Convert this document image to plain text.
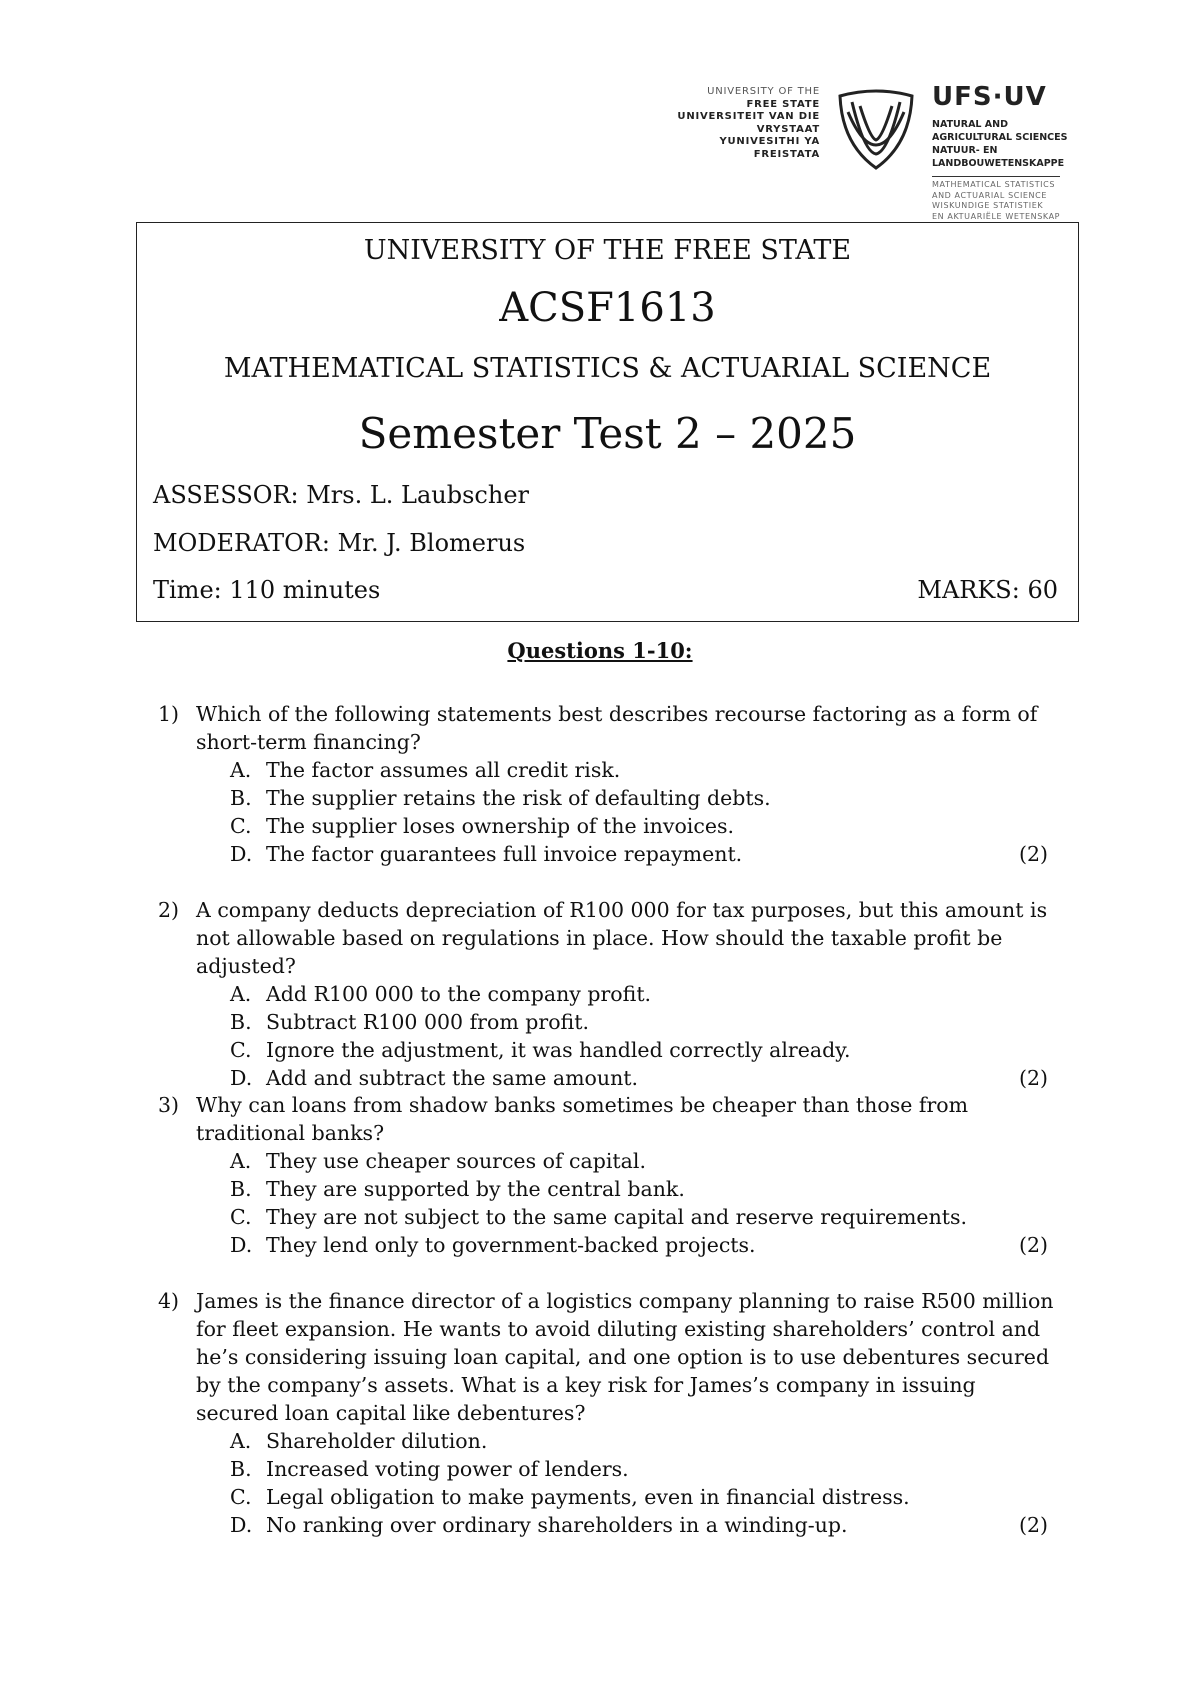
UNIVERSITY OF THE
FREE STATE
UNIVERSITEIT VAN DIE
VRYSTAAT
YUNIVESITHI YA
FREISTATA
UFS·UV
NATURAL AND
AGRICULTURAL SCIENCES
NATUUR- EN
LANDBOUWETENSKAPPE
MATHEMATICAL STATISTICS
AND ACTUARIAL SCIENCE
WISKUNDIGE STATISTIEK
EN AKTUARIËLE WETENSKAP
UNIVERSITY OF THE FREE STATE
ACSF1613
MATHEMATICAL STATISTICS & ACTUARIAL SCIENCE
Semester Test 2 – 2025
ASSESSOR: Mrs. L. Laubscher
MODERATOR: Mr. J. Blomerus
Time: 110 minutes	MARKS: 60
Questions 1-10:
1) Which of the following statements best describes recourse factoring as a form of short-term financing?
A. The factor assumes all credit risk.
B. The supplier retains the risk of defaulting debts.
C. The supplier loses ownership of the invoices.
D. The factor guarantees full invoice repayment.	(2)
2) A company deducts depreciation of R100 000 for tax purposes, but this amount is not allowable based on regulations in place. How should the taxable profit be adjusted?
A. Add R100 000 to the company profit.
B. Subtract R100 000 from profit.
C. Ignore the adjustment, it was handled correctly already.
D. Add and subtract the same amount.	(2)
3) Why can loans from shadow banks sometimes be cheaper than those from traditional banks?
A. They use cheaper sources of capital.
B. They are supported by the central bank.
C. They are not subject to the same capital and reserve requirements.
D. They lend only to government-backed projects.	(2)
4) James is the finance director of a logistics company planning to raise R500 million for fleet expansion. He wants to avoid diluting existing shareholders’ control and he’s considering issuing loan capital, and one option is to use debentures secured by the company’s assets. What is a key risk for James’s company in issuing secured loan capital like debentures?
A. Shareholder dilution.
B. Increased voting power of lenders.
C. Legal obligation to make payments, even in financial distress.
D. No ranking over ordinary shareholders in a winding-up.	(2)
